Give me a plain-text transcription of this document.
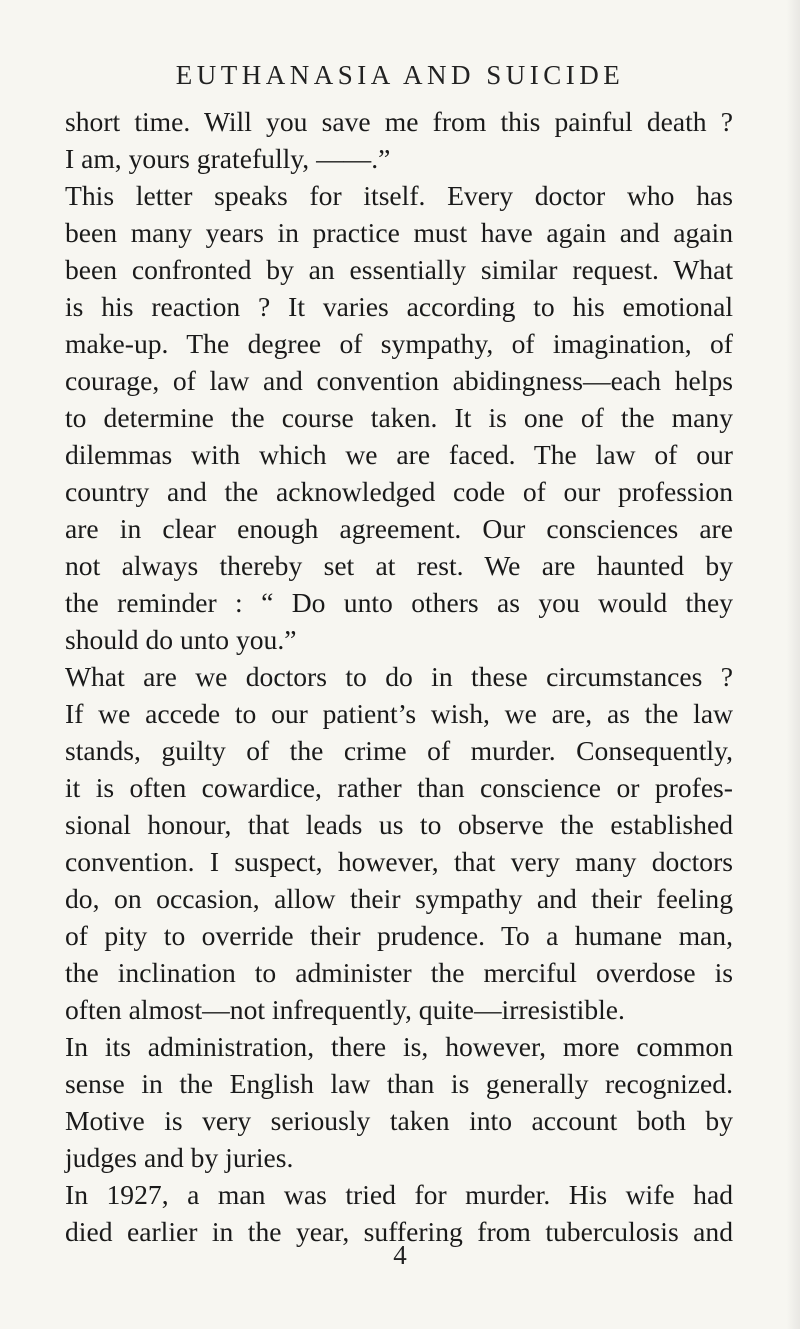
EUTHANASIA AND SUICIDE
short time. Will you save me from this painful death ?
I am, yours gratefully, ——.”
This letter speaks for itself. Every doctor who has
been many years in practice must have again and again
been confronted by an essentially similar request. What
is his reaction ? It varies according to his emotional
make-up. The degree of sympathy, of imagination, of
courage, of law and convention abidingness—each helps
to determine the course taken. It is one of the many
dilemmas with which we are faced. The law of our
country and the acknowledged code of our profession
are in clear enough agreement. Our consciences are
not always thereby set at rest. We are haunted by
the reminder : “ Do unto others as you would they
should do unto you.”
What are we doctors to do in these circumstances ?
If we accede to our patient’s wish, we are, as the law
stands, guilty of the crime of murder. Consequently,
it is often cowardice, rather than conscience or profes-
sional honour, that leads us to observe the established
convention. I suspect, however, that very many doctors
do, on occasion, allow their sympathy and their feeling
of pity to override their prudence. To a humane man,
the inclination to administer the merciful overdose is
often almost—not infrequently, quite—irresistible.
In its administration, there is, however, more common
sense in the English law than is generally recognized.
Motive is very seriously taken into account both by
judges and by juries.
In 1927, a man was tried for murder. His wife had
died earlier in the year, suffering from tuberculosis and
4
